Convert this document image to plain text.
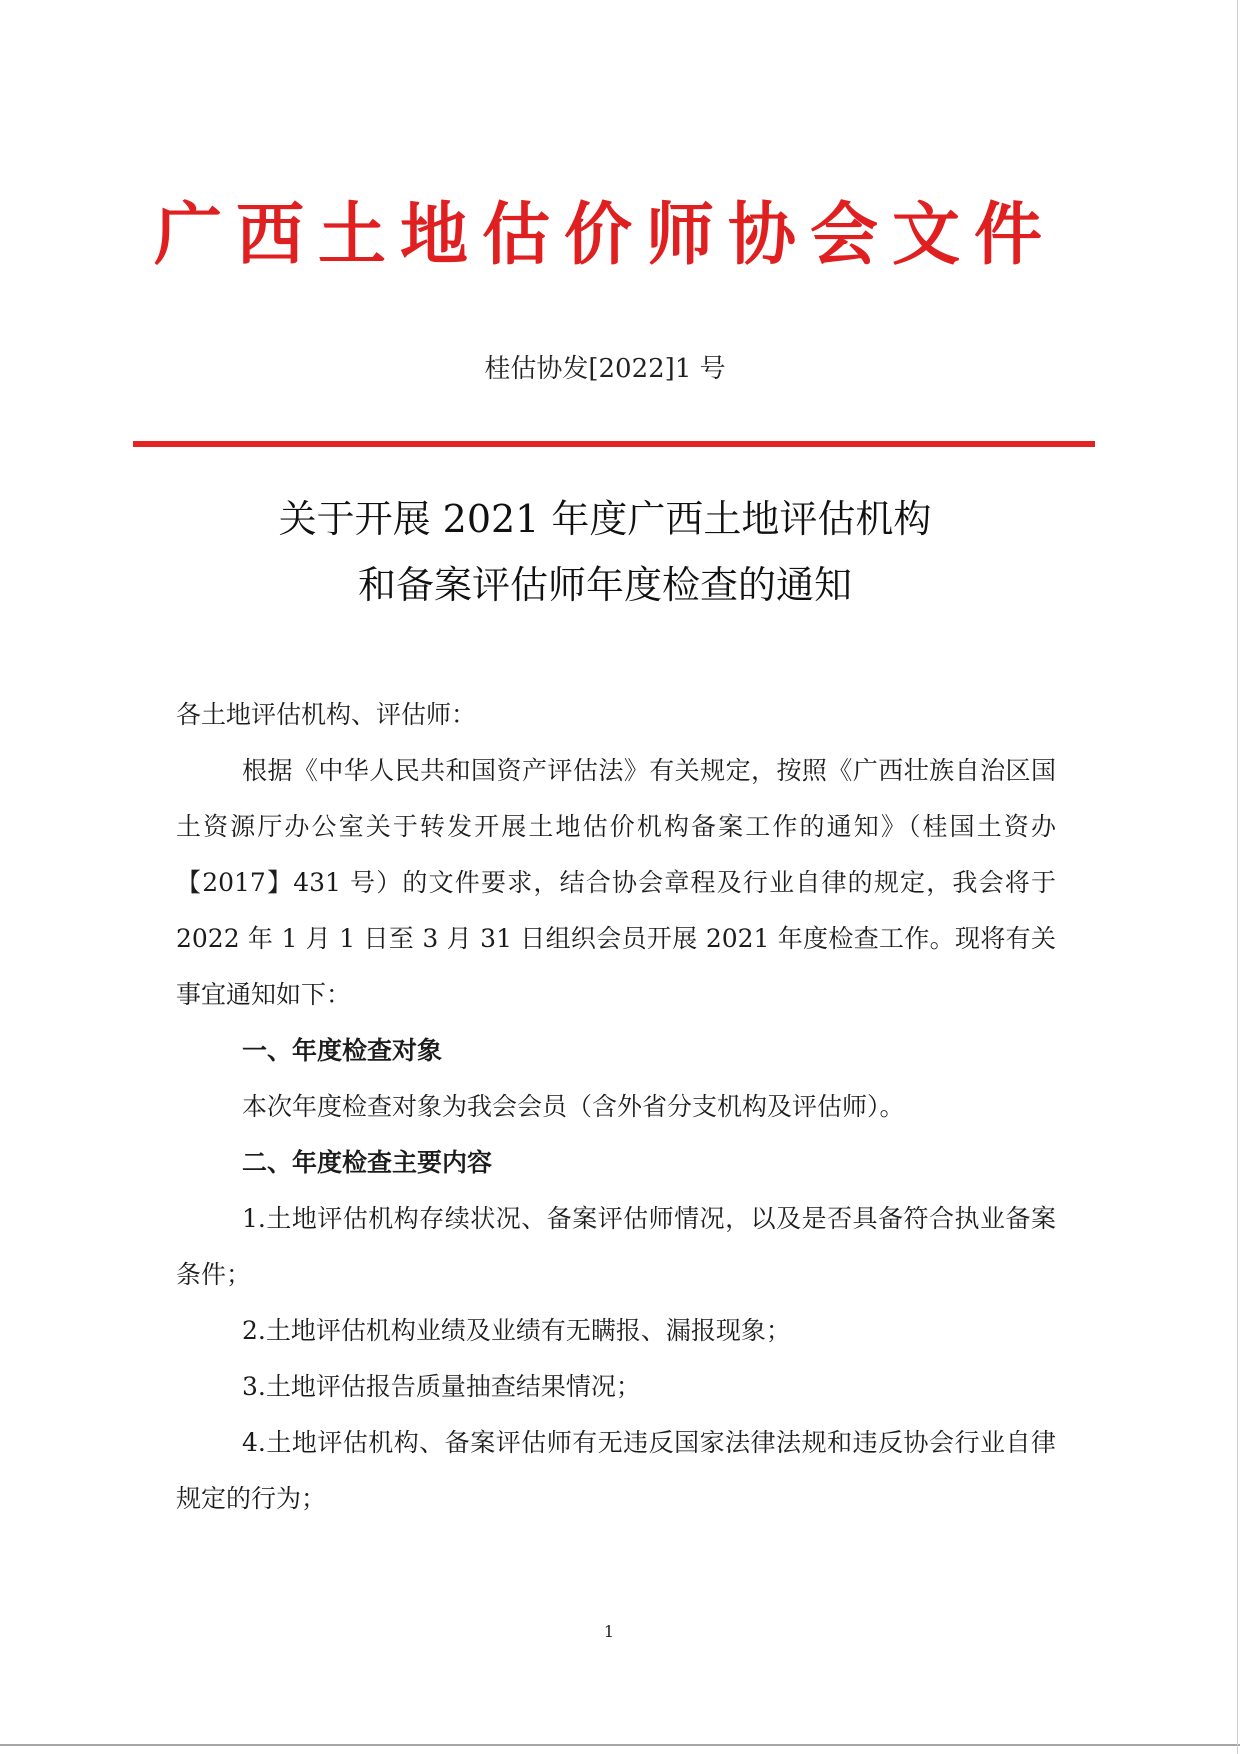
广西土地估价师协会文件
桂估协发[2022]1 号
关于开展 2021 年度广西土地评估机构
和备案评估师年度检查的通知

各土地评估机构、评估师：

根据《中华人民共和国资产评估法》有关规定，按照《广西壮族自治区国土资源厅办公室关于转发开展土地估价机构备案工作的通知》（桂国土资办【2017】431 号）的文件要求，结合协会章程及行业自律的规定，我会将于 2022 年 1 月 1 日至 3 月 31 日组织会员开展 2021 年度检查工作。现将有关事宜通知如下：

一、年度检查对象

本次年度检查对象为我会会员（含外省分支机构及评估师）。

二、年度检查主要内容

1.土地评估机构存续状况、备案评估师情况，以及是否具备符合执业备案条件；

2.土地评估机构业绩及业绩有无瞒报、漏报现象；

3.土地评估报告质量抽查结果情况；

4.土地评估机构、备案评估师有无违反国家法律法规和违反协会行业自律规定的行为；

1
